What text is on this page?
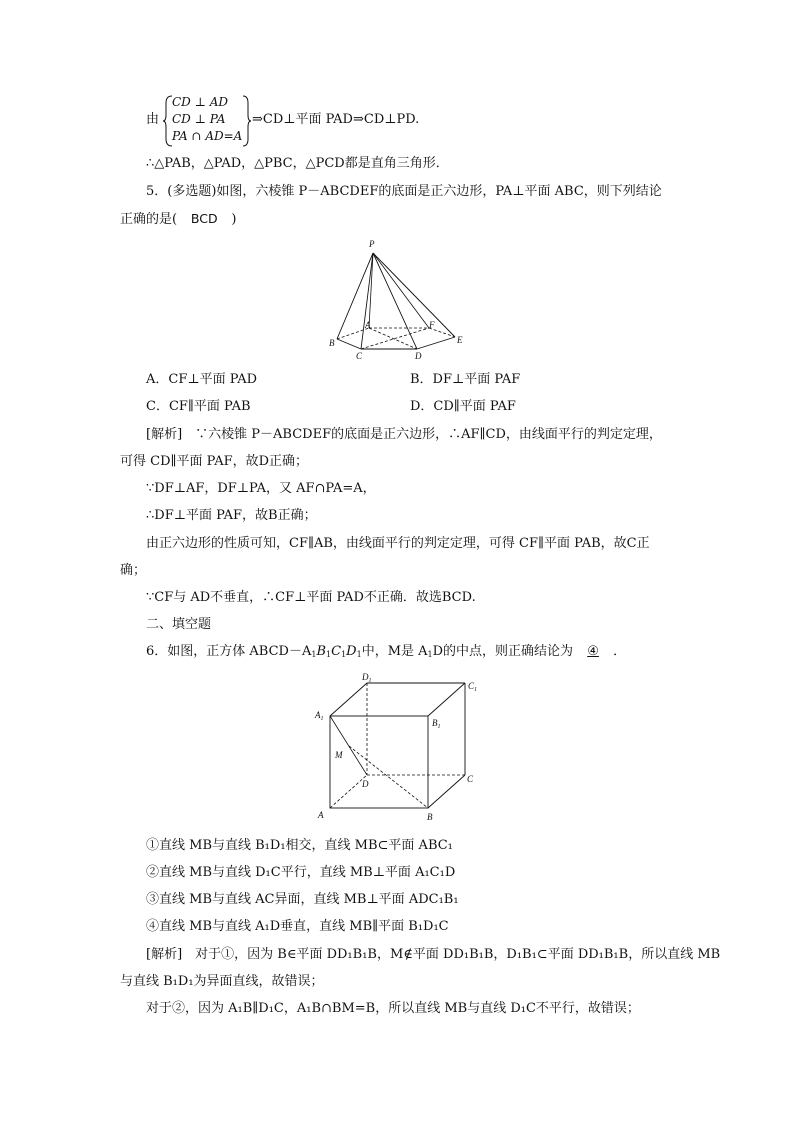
由
CD ⊥ AD
CD ⊥ PA
PA ∩ AD=A
⇒CD⊥平面 PAD⇒CD⊥PD.
∴△PAB，△PAD，△PBC，△PCD都是直角三角形．
5．(多选题)如图，六棱锥 P－ABCDEF的底面是正六边形，PA⊥平面 ABC，则下列结论
正确的是( BCD )
P
A
B
C	D
E
F
A．CF⊥平面 PAD	B．DF⊥平面 PAF
C．CF∥平面 PAB	D．CD∥平面 PAF
[解析]　∵六棱锥 P－ABCDEF的底面是正六边形，∴AF∥CD，由线面平行的判定定理，
可得 CD∥平面 PAF，故D正确；
∵DF⊥AF，DF⊥PA，又 AF∩PA=A，
∴DF⊥平面 PAF，故B正确；
由正六边形的性质可知，CF∥AB，由线面平行的判定定理，可得 CF∥平面 PAB，故C正
确；
∵CF与 AD不垂直，∴CF⊥平面 PAD不正确．故选BCD.
二、填空题
6．如图，正方体 $ABCD-A_1B_1C_1D_1$中，M是 $A_1D$的中点，则正确结论为 ④ ．
$D_1$	$C_1$
$A_1$	$B_1$
M
D	C
A	B
①直线 MB与直线 B₁D₁相交，直线 MB⊂平面 ABC₁
②直线 MB与直线 D₁C平行，直线 MB⊥平面 A₁C₁D
③直线 MB与直线 AC异面，直线 MB⊥平面 ADC₁B₁
④直线 MB与直线 A₁D垂直，直线 MB∥平面 B₁D₁C
[解析]　对于①，因为 B∈平面 DD₁B₁B，M∉平面 DD₁B₁B，D₁B₁⊂平面 DD₁B₁B，所以直线 MB
与直线 B₁D₁为异面直线，故错误；
对于②，因为 A₁B∥D₁C，A₁B∩BM=B，所以直线 MB与直线 D₁C不平行，故错误；
